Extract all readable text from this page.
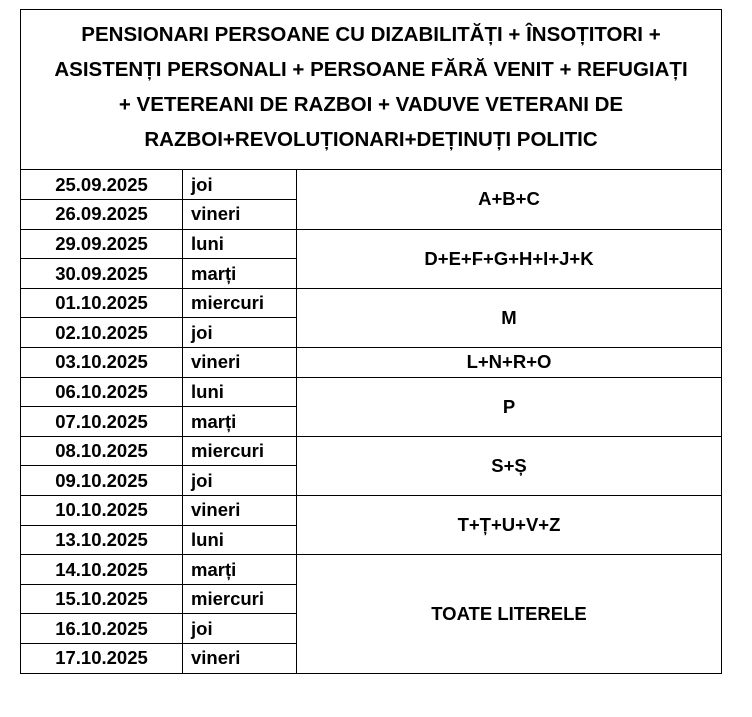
PENSIONARI PERSOANE CU DIZABILITĂȚI + ÎNSOȚITORI +
ASISTENȚI PERSONALI + PERSOANE FĂRĂ VENIT + REFUGIAȚI
+ VETEREANI DE RAZBOI + VADUVE VETERANI DE
RAZBOI+REVOLUȚIONARI+DEȚINUȚI POLITIC
25.09.2025	joi	A+B+C
26.09.2025	vineri	
29.09.2025	luni	D+E+F+G+H+I+J+K
30.09.2025	marți	
01.10.2025	miercuri	M
02.10.2025	joi	
03.10.2025	vineri	L+N+R+O
06.10.2025	luni	P
07.10.2025	marți	
08.10.2025	miercuri	S+Ș
09.10.2025	joi	
10.10.2025	vineri	T+Ț+U+V+Z
13.10.2025	luni	
14.10.2025	marți	TOATE LITERELE
15.10.2025	miercuri	
16.10.2025	joi	
17.10.2025	vineri	
